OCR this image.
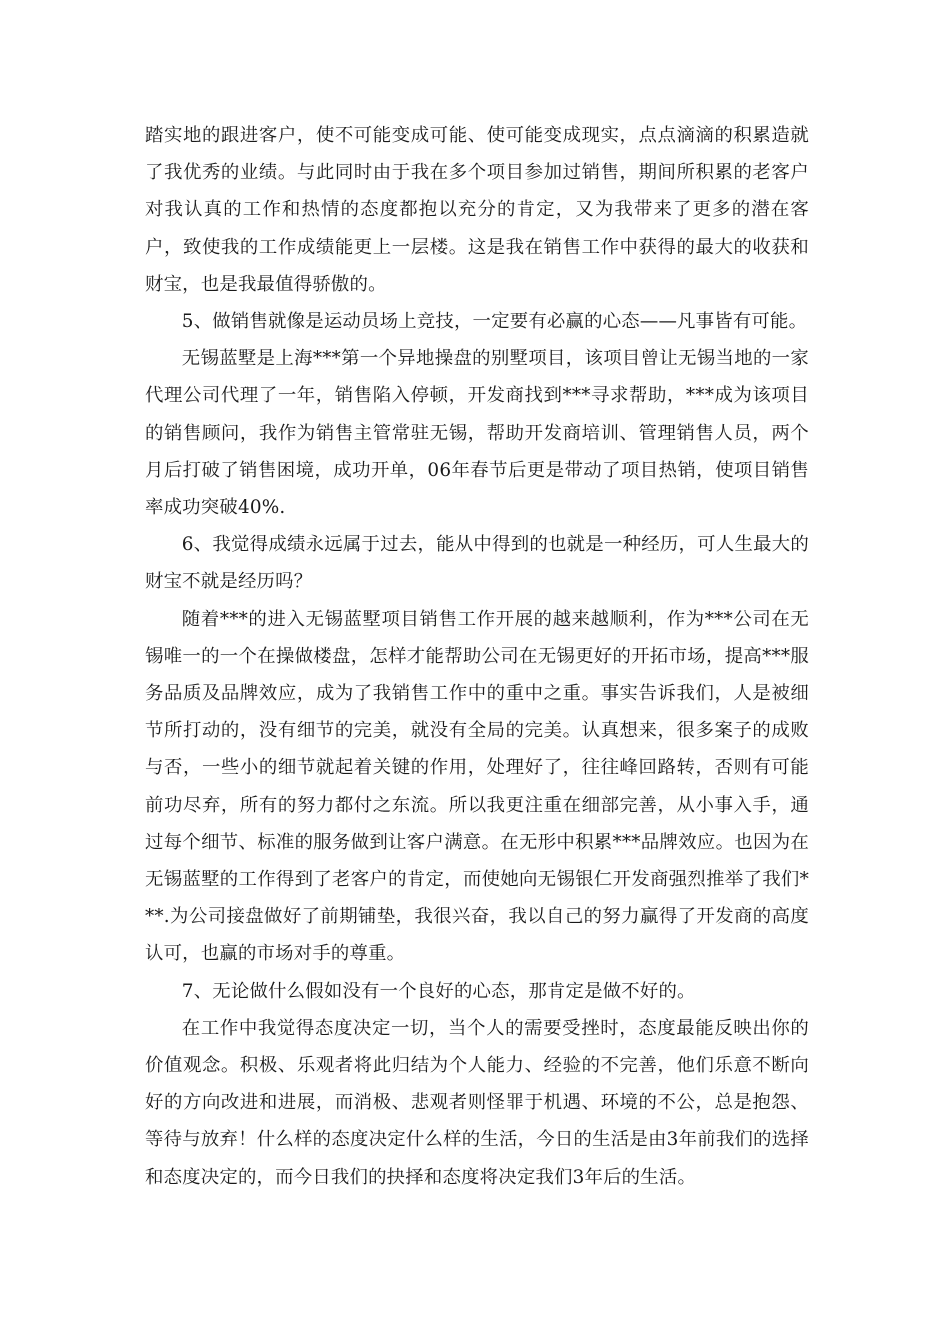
踏实地的跟进客户，使不可能变成可能、使可能变成现实，点点滴滴的积累造就了我优秀的业绩。与此同时由于我在多个项目参加过销售，期间所积累的老客户对我认真的工作和热情的态度都抱以充分的肯定，又为我带来了更多的潜在客户，致使我的工作成绩能更上一层楼。这是我在销售工作中获得的最大的收获和财宝，也是我最值得骄傲的。

5、做销售就像是运动员场上竞技，一定要有必赢的心态——凡事皆有可能。

无锡蓝墅是上海***第一个异地操盘的别墅项目，该项目曾让无锡当地的一家代理公司代理了一年，销售陷入停顿，开发商找到***寻求帮助，***成为该项目的销售顾问，我作为销售主管常驻无锡，帮助开发商培训、管理销售人员，两个月后打破了销售困境，成功开单，06年春节后更是带动了项目热销，使项目销售率成功突破40%.

6、我觉得成绩永远属于过去，能从中得到的也就是一种经历，可人生最大的财宝不就是经历吗？

随着***的进入无锡蓝墅项目销售工作开展的越来越顺利，作为***公司在无锡唯一的一个在操做楼盘，怎样才能帮助公司在无锡更好的开拓市场，提高***服务品质及品牌效应，成为了我销售工作中的重中之重。事实告诉我们，人是被细节所打动的，没有细节的完美，就没有全局的完美。认真想来，很多案子的成败与否，一些小的细节就起着关键的作用，处理好了，往往峰回路转，否则有可能前功尽弃，所有的努力都付之东流。所以我更注重在细部完善，从小事入手，通过每个细节、标准的服务做到让客户满意。在无形中积累***品牌效应。也因为在无锡蓝墅的工作得到了老客户的肯定，而使她向无锡银仁开发商强烈推举了我们***.为公司接盘做好了前期铺垫，我很兴奋，我以自己的努力赢得了开发商的高度认可，也赢的市场对手的尊重。

7、无论做什么假如没有一个良好的心态，那肯定是做不好的。

在工作中我觉得态度决定一切，当个人的需要受挫时，态度最能反映出你的价值观念。积极、乐观者将此归结为个人能力、经验的不完善，他们乐意不断向好的方向改进和进展，而消极、悲观者则怪罪于机遇、环境的不公，总是抱怨、等待与放弃！什么样的态度决定什么样的生活，今日的生活是由3年前我们的选择和态度决定的，而今日我们的抉择和态度将决定我们3年后的生活。
